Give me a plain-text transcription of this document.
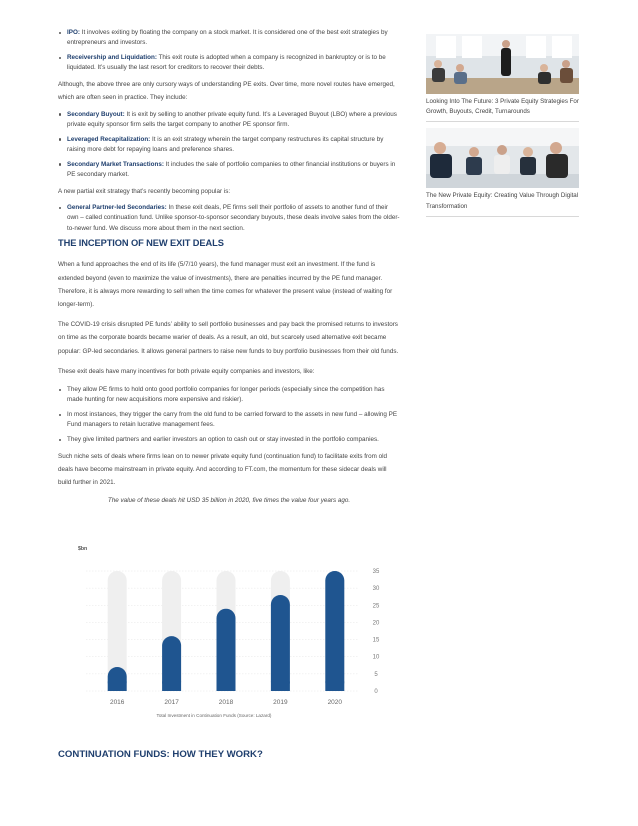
IPO: It involves exiting by floating the company on a stock market. It is considered one of the best exit strategies by entrepreneurs and investors.
Receivership and Liquidation: This exit route is adopted when a company is recognized in bankruptcy or is to be liquidated. It’s usually the last resort for creditors to recover their debts.

Although, the above three are only cursory ways of understanding PE exits. Over time, more novel routes have emerged, which are often seen in practice. They include:

Secondary Buyout: It is exit by selling to another private equity fund. It’s a Leveraged Buyout (LBO) where a previous private equity sponsor firm sells the target company to another PE sponsor firm.
Leveraged Recapitalization: It is an exit strategy wherein the target company restructures its capital structure by raising more debt for repaying loans and preference shares.
Secondary Market Transactions: It includes the sale of portfolio companies to other financial institutions or buyers in PE secondary market.

A new partial exit strategy that’s recently becoming popular is:

General Partner-led Secondaries: In these exit deals, PE firms sell their portfolio of assets to another fund of their own – called continuation fund. Unlike sponsor-to-sponsor secondary buyouts, these deals involve sales from the older-to-newer fund. We discuss more about them in the next section.
THE INCEPTION OF NEW EXIT DEALS

When a fund approaches the end of its life (5/7/10 years), the fund manager must exit an investment. If the fund is extended beyond (even to maximize the value of investments), there are penalties incurred by the PE fund manager. Therefore, it is always more rewarding to sell when the time comes for whatever the present value (instead of waiting for longer-term).

The COVID-19 crisis disrupted PE funds’ ability to sell portfolio businesses and pay back the promised returns to investors on time as the corporate boards became warier of deals. As a result, an old, but scarcely used alternative exit became popular: GP-led secondaries. It allows general partners to raise new funds to buy portfolio businesses from their old funds.

These exit deals have many incentives for both private equity companies and investors, like:

They allow PE firms to hold onto good portfolio companies for longer periods (especially since the competition has made hunting for new acquisitions more expensive and riskier).
In most instances, they trigger the carry from the old fund to be carried forward to the assets in new fund – allowing PE Fund managers to retain lucrative management fees.
They give limited partners and earlier investors an option to cash out or stay invested in the portfolio companies.

Such niche sets of deals where firms lean on to newer private equity fund (continuation fund) to facilitate exits from old deals have become mainstream in private equity. And according to FT.com, the momentum for these sidecar deals will build further in 2021.

The value of these deals hit USD 35 billion in 2020, five times the value four years ago.

$bn
0
5
10
15
20
25
30
35
2016	2017	2018	2019	2020
Total Investment in Continuation Funds (Source: Lazard)
CONTINUATION FUNDS: HOW THEY WORK?
Looking Into The Future: 3 Private Equity Strategies For Growth, Buyouts, Credit, Turnarounds
The New Private Equity: Creating Value Through Digital Transformation
